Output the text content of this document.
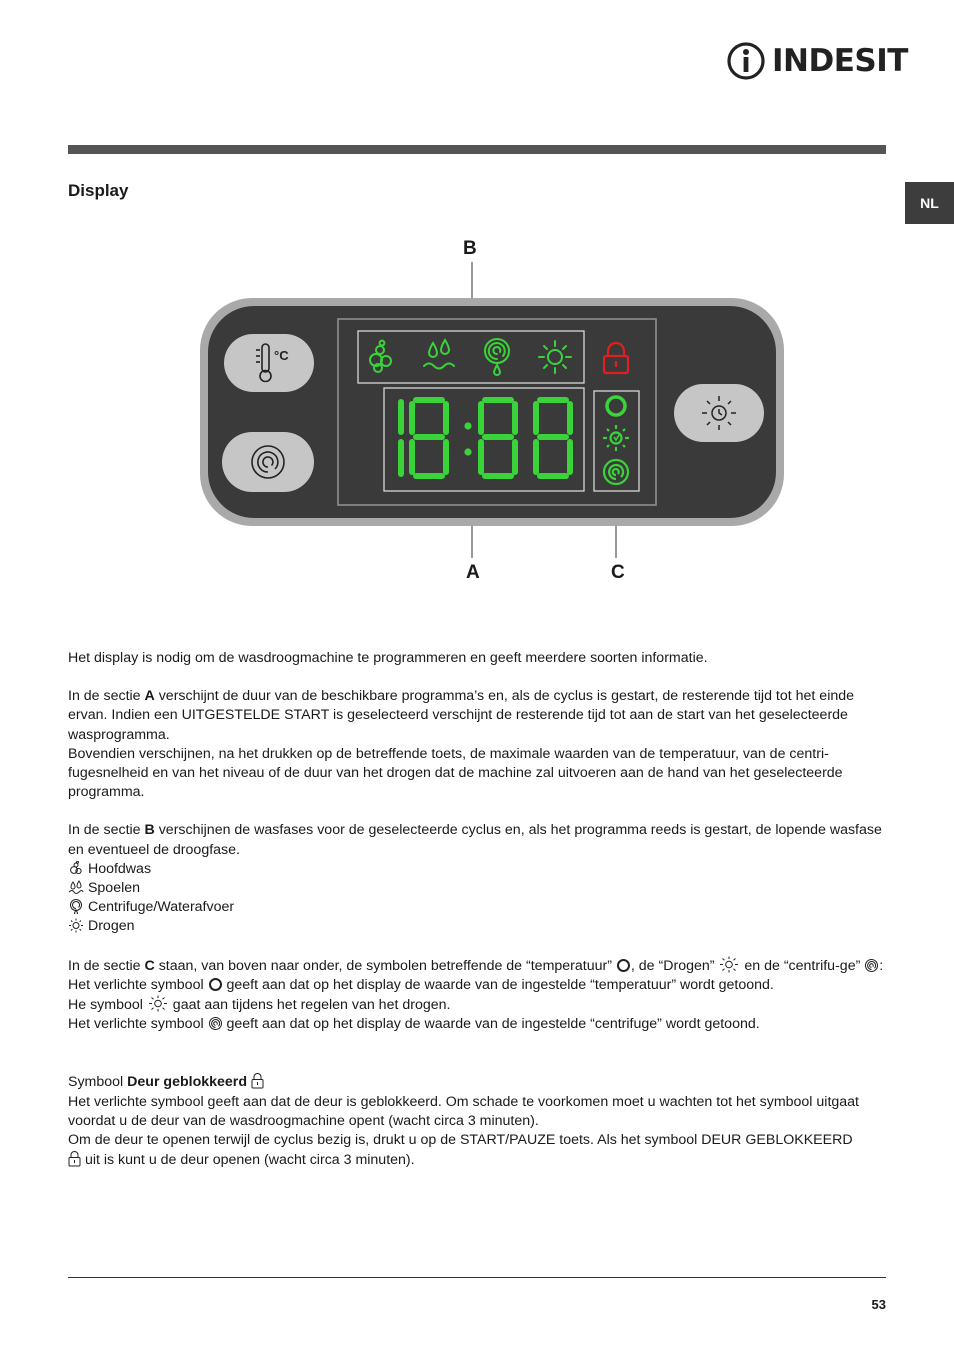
INDESIT
NL
Display
B
A	C
°C

Het display is nodig om de wasdroogmachine te programmeren en geeft meerdere soorten informatie.

In de sectie A verschijnt de duur van de beschikbare programma’s en, als de cyclus is gestart, de resterende tijd tot het einde ervan. Indien een UITGESTELDE START is geselecteerd verschijnt de resterende tijd tot aan de start van het geselecteerde wasprogramma.

Bovendien verschijnen, na het drukken op de betreffende toets, de maximale waarden van de temperatuur, van de centri-fugesnelheid en van het niveau of de duur van het drogen dat de machine zal uitvoeren aan de hand van het geselecteerde programma.

In de sectie B verschijnen de wasfases voor de geselecteerde cyclus en, als het programma reeds is gestart, de lopende wasfase en eventueel de droogfase.

Hoofdwas

Spoelen

Centrifuge/Waterafvoer

Drogen

In de sectie C staan, van boven naar onder, de symbolen betreffende de “temperatuur” , de “Drogen”  en de “centrifu-ge” :

Het verlichte symbool  geeft aan dat op het display de waarde van de ingestelde “temperatuur” wordt getoond.

He symbool  gaat aan tijdens het regelen van het drogen.

Het verlichte symbool  geeft aan dat op het display de waarde van de ingestelde “centrifuge” wordt getoond.

Symbool Deur geblokkeerd

Het verlichte symbool geeft aan dat de deur is geblokkeerd. Om schade te voorkomen moet u wachten tot het symbool uitgaat voordat u de deur van de wasdroogmachine opent (wacht circa 3 minuten).

Om de deur te openen terwijl de cyclus bezig is, drukt u op de START/PAUZE toets. Als het symbool DEUR GEBLOKKEERD

uit is kunt u de deur openen (wacht circa 3 minuten).

53
